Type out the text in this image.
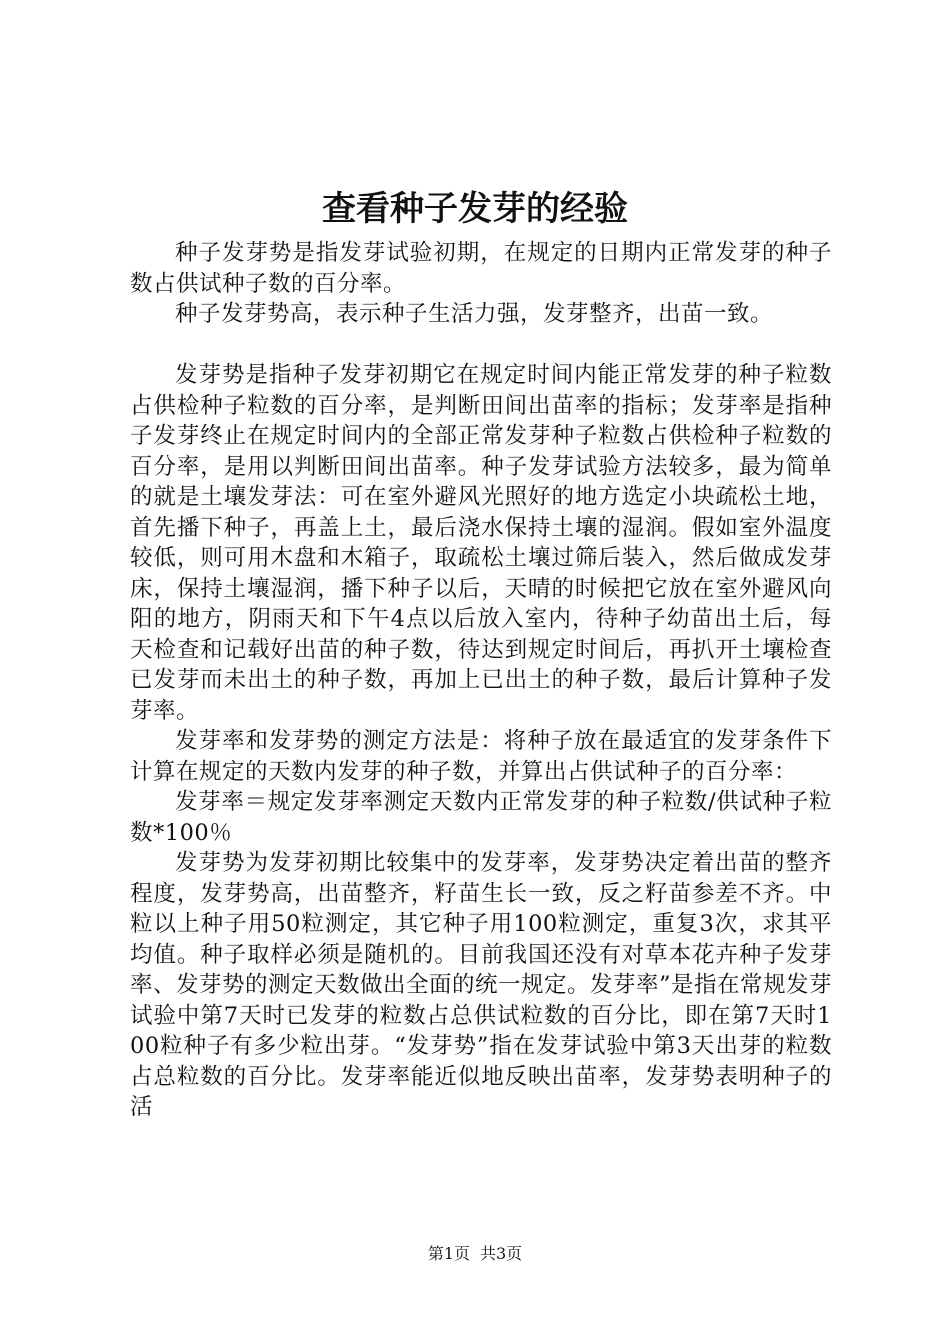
查看种子发芽的经验

种子发芽势是指发芽试验初期，在规定的日期内正常发芽的种子数占供试种子数的百分率。

种子发芽势高，表示种子生活力强，发芽整齐，出苗一致。

发芽势是指种子发芽初期它在规定时间内能正常发芽的种子粒数占供检种子粒数的百分率，是判断田间出苗率的指标；发芽率是指种子发芽终止在规定时间内的全部正常发芽种子粒数占供检种子粒数的百分率，是用以判断田间出苗率。种子发芽试验方法较多，最为简单的就是土壤发芽法：可在室外避风光照好的地方选定小块疏松土地，首先播下种子，再盖上土，最后浇水保持土壤的湿润。假如室外温度较低，则可用木盘和木箱子，取疏松土壤过筛后装入，然后做成发芽床，保持土壤湿润，播下种子以后，天晴的时候把它放在室外避风向阳的地方，阴雨天和下午4点以后放入室内，待种子幼苗出土后，每天检查和记载好出苗的种子数，待达到规定时间后，再扒开土壤检查已发芽而未出土的种子数，再加上已出土的种子数，最后计算种子发芽率。

发芽率和发芽势的测定方法是：将种子放在最适宜的发芽条件下计算在规定的天数内发芽的种子数，并算出占供试种子的百分率：

发芽率＝规定发芽率测定天数内正常发芽的种子粒数/供试种子粒数*100％

发芽势为发芽初期比较集中的发芽率，发芽势决定着出苗的整齐程度，发芽势高，出苗整齐，籽苗生长一致，反之籽苗参差不齐。中粒以上种子用50粒测定，其它种子用100粒测定，重复3次，求其平均值。种子取样必须是随机的。目前我国还没有对草本花卉种子发芽率、发芽势的测定天数做出全面的统一规定。发芽率”是指在常规发芽试验中第7天时已发芽的粒数占总供试粒数的百分比，即在第7天时100粒种子有多少粒出芽。“发芽势”指在发芽试验中第3天出芽的粒数占总粒数的百分比。发芽率能近似地反映出苗率，发芽势表明种子的活

第1页 共3页
